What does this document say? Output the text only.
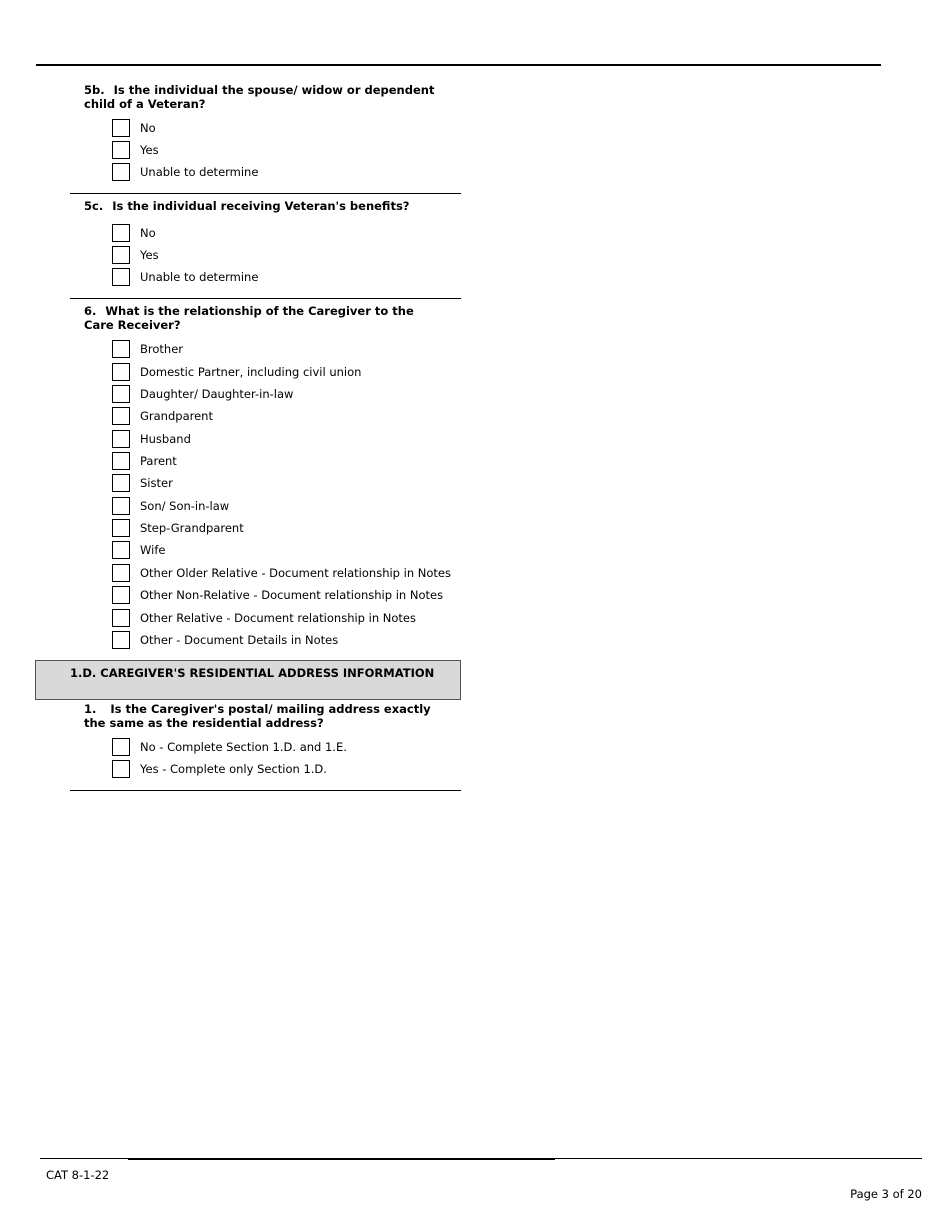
5b. Is the individual the spouse/ widow or dependent child of a Veteran?
No
Yes
Unable to determine
5c. Is the individual receiving Veteran's benefits?
No
Yes
Unable to determine
6. What is the relationship of the Caregiver to the Care Receiver?
Brother
Domestic Partner, including civil union
Daughter/ Daughter-in-law
Grandparent
Husband
Parent
Sister
Son/ Son-in-law
Step-Grandparent
Wife
Other Older Relative - Document relationship in Notes
Other Non-Relative - Document relationship in Notes
Other Relative - Document relationship in Notes
Other - Document Details in Notes
1.D. CAREGIVER'S RESIDENTIAL ADDRESS INFORMATION
1. Is the Caregiver's postal/ mailing address exactly the same as the residential address?
No - Complete Section 1.D. and 1.E.
Yes - Complete only Section 1.D.
CAT 8-1-22
Page 3 of 20
